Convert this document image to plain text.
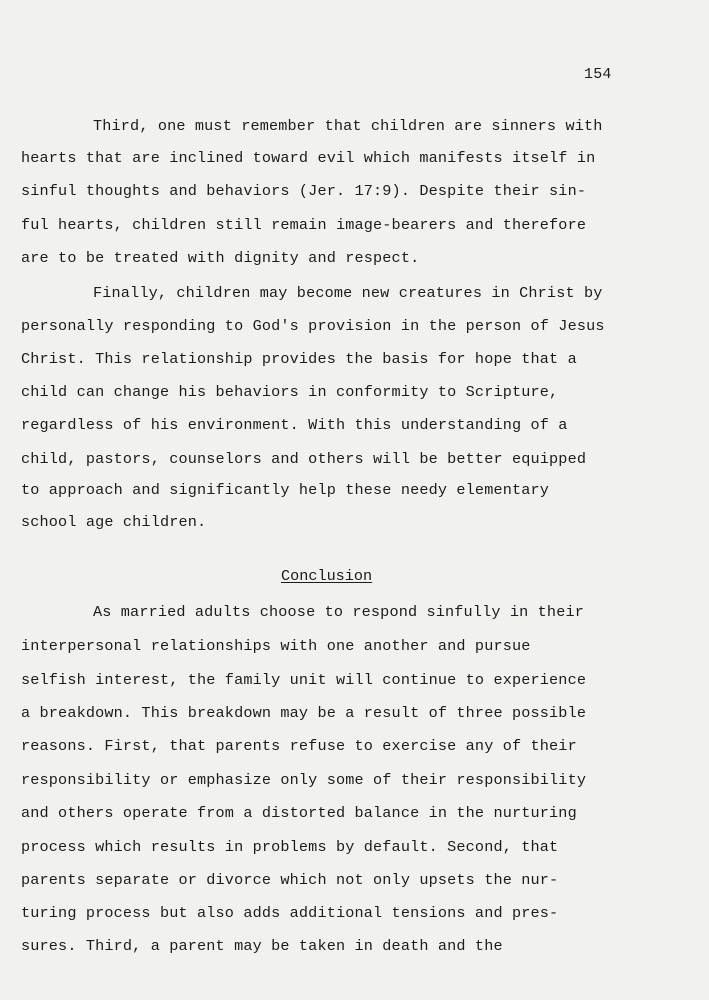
154
Third, one must remember that children are sinners with
hearts that are inclined toward evil which manifests itself in
sinful thoughts and behaviors (Jer. 17:9). Despite their sin-
ful hearts, children still remain image-bearers and therefore
are to be treated with dignity and respect.
Finally, children may become new creatures in Christ by
personally responding to God's provision in the person of Jesus
Christ. This relationship provides the basis for hope that a
child can change his behaviors in conformity to Scripture,
regardless of his environment. With this understanding of a
child, pastors, counselors and others will be better equipped
to approach and significantly help these needy elementary
school age children.
Conclusion
As married adults choose to respond sinfully in their
interpersonal relationships with one another and pursue
selfish interest, the family unit will continue to experience
a breakdown. This breakdown may be a result of three possible
reasons. First, that parents refuse to exercise any of their
responsibility or emphasize only some of their responsibility
and others operate from a distorted balance in the nurturing
process which results in problems by default. Second, that
parents separate or divorce which not only upsets the nur-
turing process but also adds additional tensions and pres-
sures. Third, a parent may be taken in death and the
